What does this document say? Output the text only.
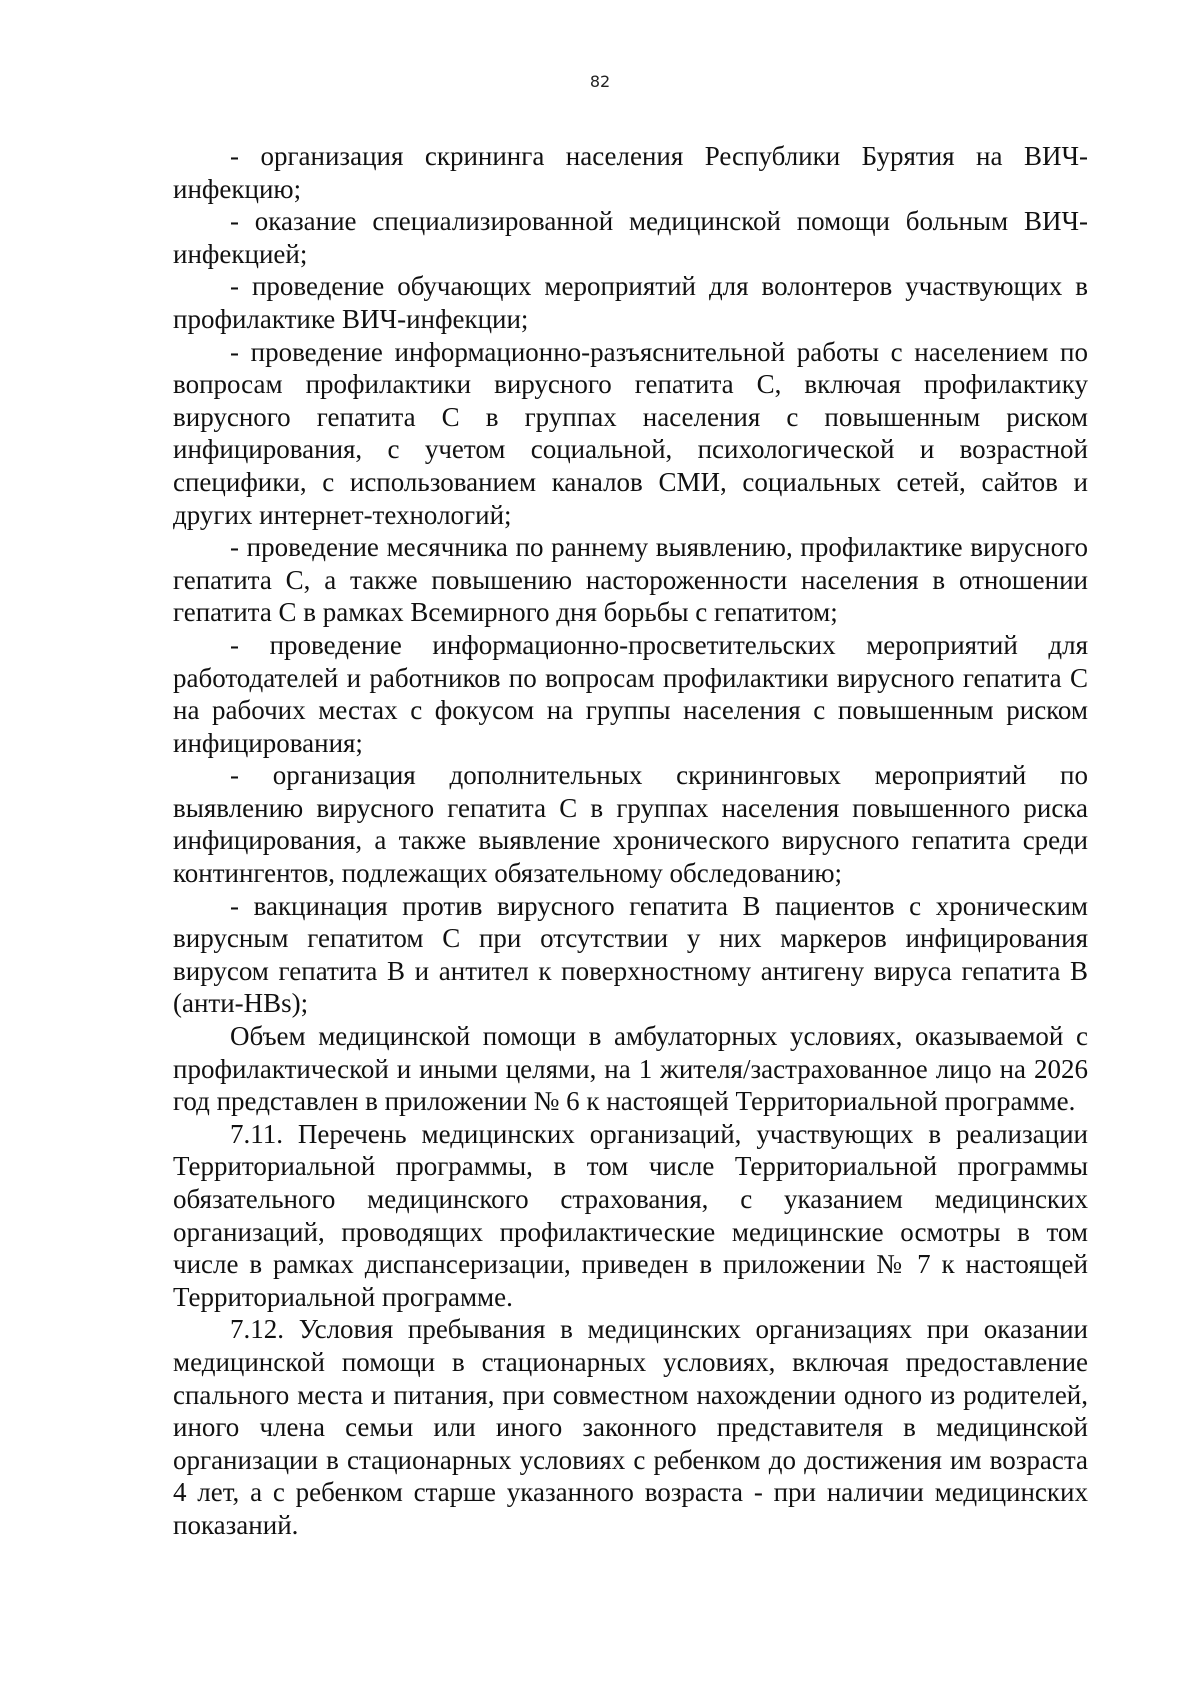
82

- организация скрининга населения Республики Бурятия на ВИЧ-инфекцию;

- оказание специализированной медицинской помощи больным ВИЧ-инфекцией;

- проведение обучающих мероприятий для волонтеров участвующих в профилактике ВИЧ-инфекции;

- проведение информационно-разъяснительной работы с населением по вопросам профилактики вирусного гепатита С, включая профилактику вирусного гепатита С в группах населения с повышенным риском инфицирования, с учетом социальной, психологической и возрастной специфики, с использованием каналов СМИ, социальных сетей, сайтов и других интернет-технологий;

- проведение месячника по раннему выявлению, профилактике вирусного гепатита С, а также повышению настороженности населения в отношении гепатита С в рамках Всемирного дня борьбы с гепатитом;

- проведение информационно-просветительских мероприятий для работодателей и работников по вопросам профилактики вирусного гепатита С на рабочих местах с фокусом на группы населения с повышенным риском инфицирования;

- организация дополнительных скрининговых мероприятий по выявлению вирусного гепатита С в группах населения повышенного риска инфицирования, а также выявление хронического вирусного гепатита среди контингентов, подлежащих обязательному обследованию;

- вакцинация против вирусного гепатита В пациентов с хроническим вирусным гепатитом С при отсутствии у них маркеров инфицирования вирусом гепатита В и антител к поверхностному антигену вируса гепатита В (анти-HBs);

Объем медицинской помощи в амбулаторных условиях, оказываемой с профилактической и иными целями, на 1 жителя/застрахованное лицо на 2026 год представлен в приложении № 6 к настоящей Территориальной программе.

7.11. Перечень медицинских организаций, участвующих в реализации Территориальной программы, в том числе Территориальной программы обязательного медицинского страхования, с указанием медицинских организаций, проводящих профилактические медицинские осмотры в том числе в рамках диспансеризации, приведен в приложении № 7 к настоящей Территориальной программе.

7.12. Условия пребывания в медицинских организациях при оказании медицинской помощи в стационарных условиях, включая предоставление спального места и питания, при совместном нахождении одного из родителей, иного члена семьи или иного законного представителя в медицинской организации в стационарных условиях с ребенком до достижения им возраста 4 лет, а с ребенком старше указанного возраста - при наличии медицинских показаний.
